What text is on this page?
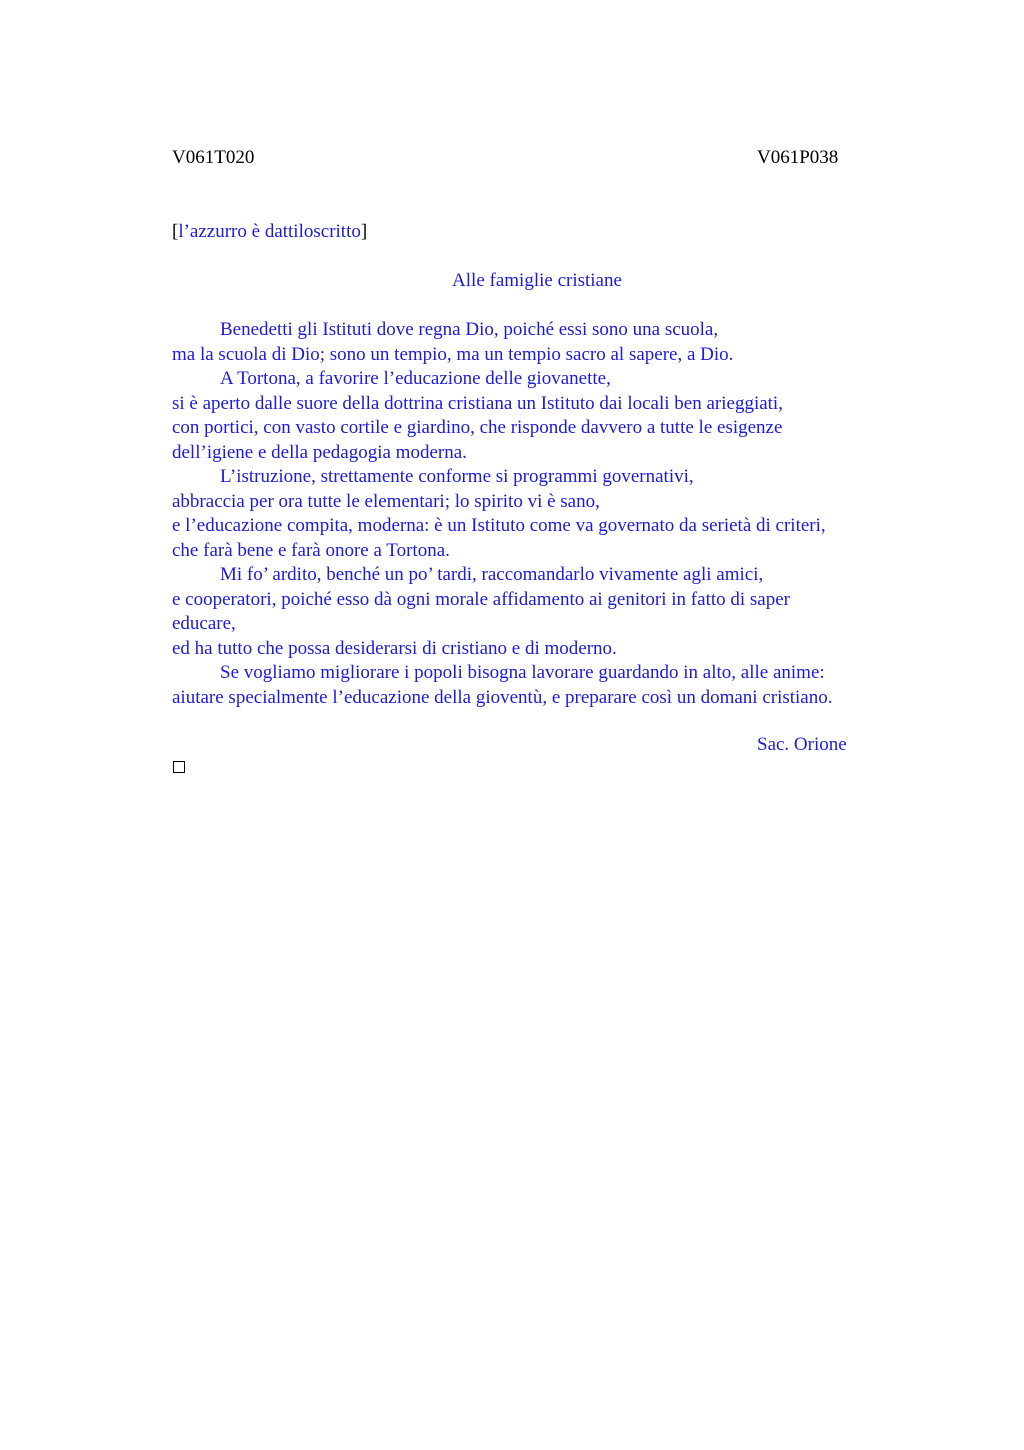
V061T020	V061P038
[l’azzurro è dattiloscritto]
Alle famiglie cristiane
Benedetti gli Istituti dove regna Dio, poiché essi sono una scuola,
ma la scuola di Dio; sono un tempio, ma un tempio sacro al sapere, a Dio.
A Tortona, a favorire l’educazione delle giovanette,
si è aperto dalle suore della dottrina cristiana un Istituto dai locali ben arieggiati,
con portici, con vasto cortile e giardino, che risponde davvero a tutte le esigenze
dell’igiene e della pedagogia moderna.
L’istruzione, strettamente conforme si programmi governativi,
abbraccia per ora tutte le elementari; lo spirito vi è sano,
e l’educazione compita, moderna: è un Istituto come va governato da serietà di criteri,
che farà bene e farà onore a Tortona.
Mi fo’ ardito, benché un po’ tardi, raccomandarlo vivamente agli amici,
e cooperatori, poiché esso dà ogni morale affidamento ai genitori in fatto di saper
educare,
ed ha tutto che possa desiderarsi di cristiano e di moderno.
Se vogliamo migliorare i popoli bisogna lavorare guardando in alto, alle anime:
aiutare specialmente l’educazione della gioventù, e preparare così un domani cristiano.
Sac. Orione
